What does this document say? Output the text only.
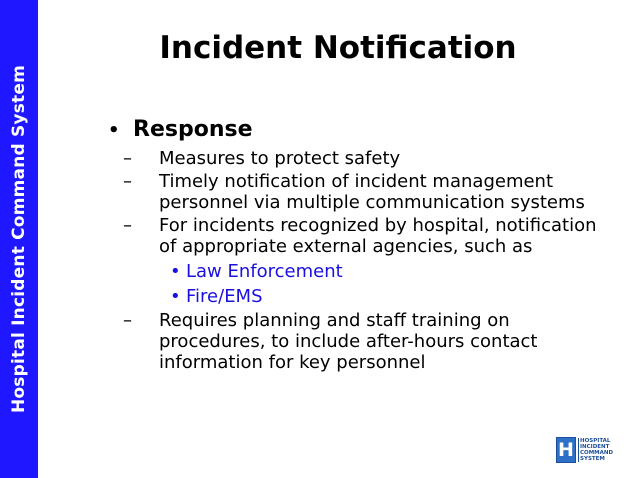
Hospital Incident Command System
Incident Notification
• Response
–	Measures to protect safety
–	Timely notification of incident management personnel via multiple communication systems
–	For incidents recognized by hospital, notification of appropriate external agencies, such as
• Law Enforcement
• Fire/EMS
–	Requires planning and staff training on procedures, to include after-hours contact information for key personnel
H	HOSPITAL
INCIDENT
COMMAND
SYSTEM
